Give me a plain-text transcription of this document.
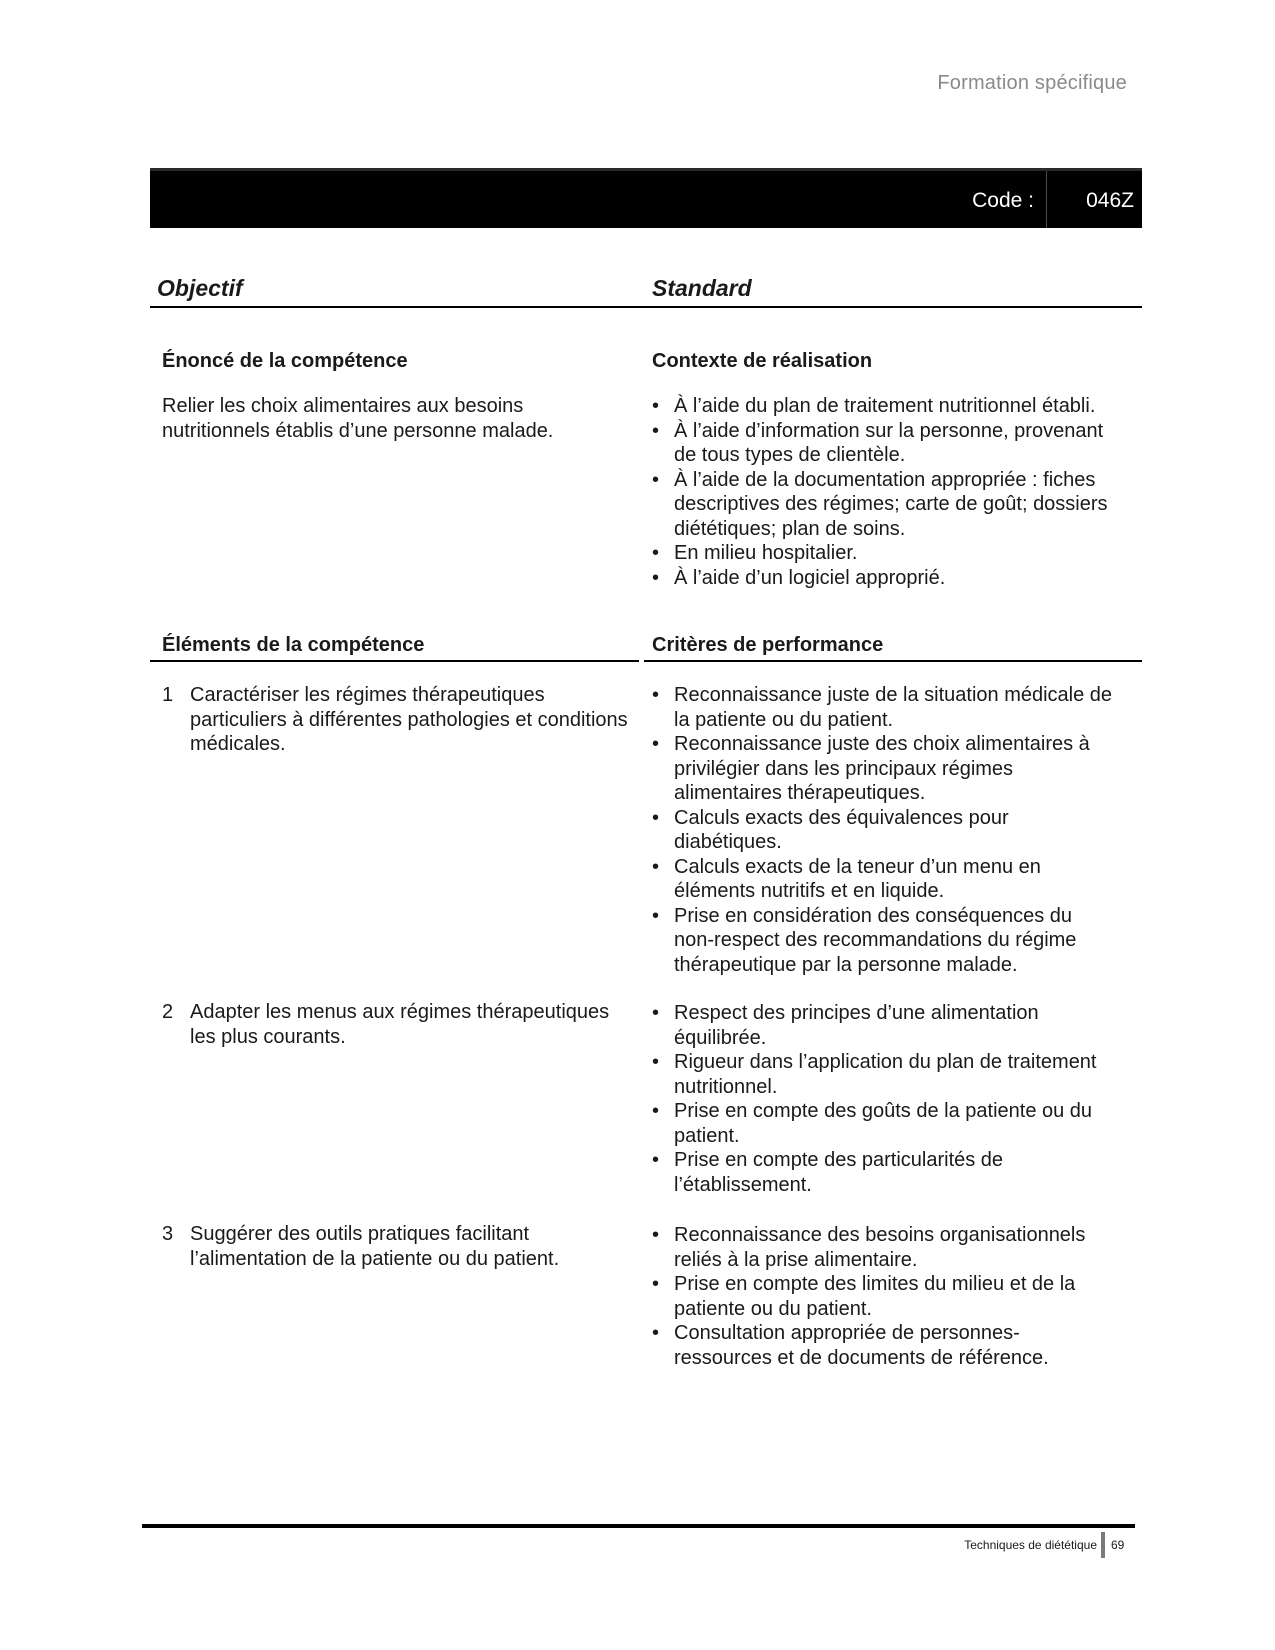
Formation spécifique
Code : 046Z
Objectif	Standard
Énoncé de la compétence
Relier les choix alimentaires aux besoins nutritionnels établis d’une personne malade.
Contexte de réalisation
• À l’aide du plan de traitement nutritionnel établi.
• À l’aide d’information sur la personne, provenant de tous types de clientèle.
• À l’aide de la documentation appropriée : fiches descriptives des régimes; carte de goût; dossiers diététiques; plan de soins.
• En milieu hospitalier.
• À l’aide d’un logiciel approprié.
Éléments de la compétence	Critères de performance
1 Caractériser les régimes thérapeutiques particuliers à différentes pathologies et conditions médicales.
• Reconnaissance juste de la situation médicale de la patiente ou du patient.
• Reconnaissance juste des choix alimentaires à privilégier dans les principaux régimes alimentaires thérapeutiques.
• Calculs exacts des équivalences pour diabétiques.
• Calculs exacts de la teneur d’un menu en éléments nutritifs et en liquide.
• Prise en considération des conséquences du non-respect des recommandations du régime thérapeutique par la personne malade.
2 Adapter les menus aux régimes thérapeutiques les plus courants.
• Respect des principes d’une alimentation équilibrée.
• Rigueur dans l’application du plan de traitement nutritionnel.
• Prise en compte des goûts de la patiente ou du patient.
• Prise en compte des particularités de l’établissement.
3 Suggérer des outils pratiques facilitant l’alimentation de la patiente ou du patient.
• Reconnaissance des besoins organisationnels reliés à la prise alimentaire.
• Prise en compte des limites du milieu et de la patiente ou du patient.
• Consultation appropriée de personnes-ressources et de documents de référence.
Techniques de diététique 69
